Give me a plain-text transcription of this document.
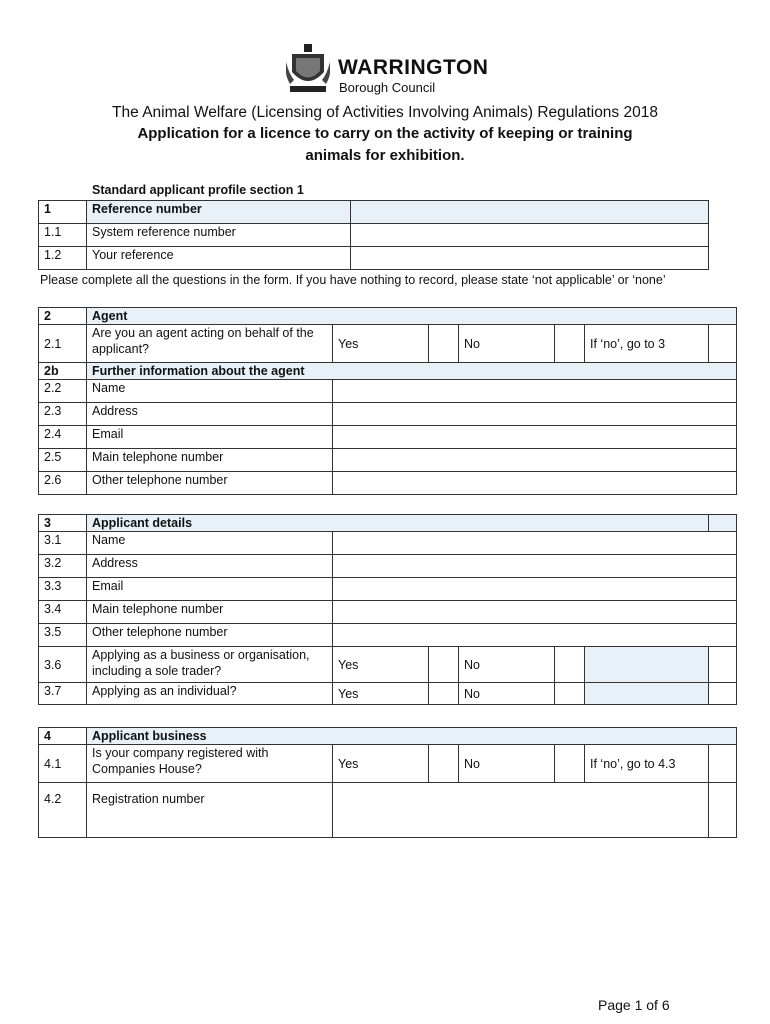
WARRINGTON
Borough Council
The Animal Welfare (Licensing of Activities Involving Animals) Regulations 2018
Application for a licence to carry on the activity of keeping or training
animals for exhibition.
Standard applicant profile section 1
1	Reference number	
1.1	System reference number	
1.2	Your reference	
Please complete all the questions in the form. If you have nothing to record, please state ‘not applicable’ or ‘none’
2	Agent						
2.1	Are you an agent acting on behalf of the applicant?	Yes		No		If ‘no’, go to 3	
2b	Further information about the agent						
2.2	Name						
2.3	Address						
2.4	Email						
2.5	Main telephone number						
2.6	Other telephone number						
3	Applicant details						
3.1	Name						
3.2	Address						
3.3	Email						
3.4	Main telephone number						
3.5	Other telephone number						
3.6	Applying as a business or organisation, including a sole trader?	Yes		No			
3.7	Applying as an individual?	Yes		No			
4	Applicant business						
4.1	Is your company registered with Companies House?	Yes		No		If ‘no’, go to 4.3	
4.2	Registration number						
Page 1 of 6
